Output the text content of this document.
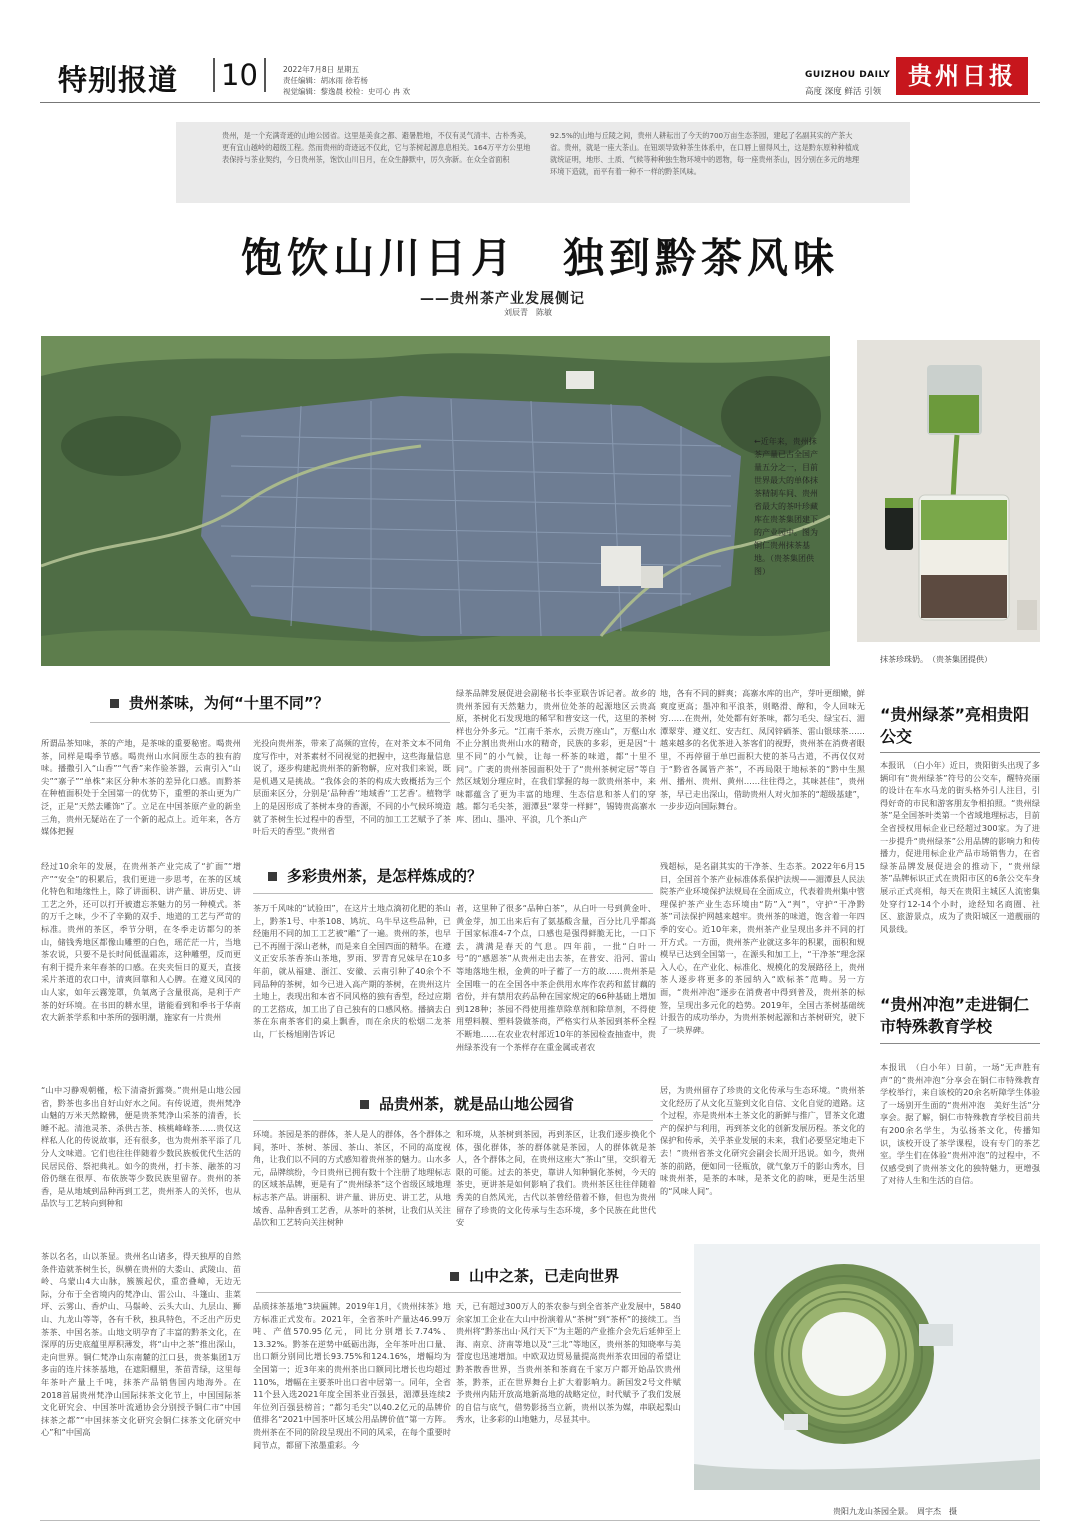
特别报道 10	2022年7月8日 星期五
责任编辑：胡冰雨 徐若杨
视觉编辑：黎逸晨 校检：史可心 冉 欢
GUIZHOU DAILY
高度 深度 鲜活 引领
贵州日报
贵州，是一个充满奇迹的山地公园省。这里是美食之都、避暑胜地，不仅有灵气清丰、古朴秀美，更有宜山越岭的超级工程。然而贵州的奇迹远不仅此，它与茶树起源息息相关。164万平方公里地表保持与茶业契约，今日贵州茶，饱饮山川日月，在众生静默中，厉久弥新。在众全省面积
92.5%的山地与丘陵之间，贵州人耕耘出了今天的700万亩生态茶园，建起了名副其实的产茶大省。贵州，就是一座大茶山。在钮颂导致种茶生体系中，在口唇上留得风土，这是黔东原种种植成就统证明，地形、土质、气候等种种独生物环境中的恩物，每一座贵州茶山，因分别在多元的地理环境下造就，而平有着一种不一样的黔茶风味。
饱饮山川日月　独到黔茶风味
——贵州茶产业发展侧记
刘辰青　陈敏
←近年来，贵州抹茶产量已占全国产量五分之一，目前世界最大的单体抹茶精制车间、贵州省最大的茶叶珍藏库在贵茶集团建下的产业园中。图为铜仁贵州抹茶基地。（贵茶集团供图）
抹茶珍珠奶。　（贵茶集团提供）
贵州茶味，为何“十里不同”？
所谓品茶知味，茶的产地，是茶味的重要秘密。喝贵州茶，同样是喝季节感。喝贵州山水间原生态的独有韵味。播撒引入“山香”“气香”来作验茶器，云南引入“山尖”“寨子”“单株”来区分种木茶的差异化口感。而黔茶在种植面积处于全国第一的优势下，重塑的茶山更为广泛，正是“天然去雕饰”了。立足在中国茶原产业的新坐三角，贵州无疑站在了一个新的起点上。近年来，各方媒体把握
光投向贵州茶，带来了高频的宣传，在对茶文本不同角度写作中，对茶素材不同视觉的把握中，这些海量信息说了，逐步构建起贵州茶的新物解，应对我们来说，既是机遇又是挑战。“我体会的茶的构成大致概括为三个层面来区分，分别是‘品种香’‘地域香’‘工艺香’。植物学上的是因形成了茶树本身的香源，不同的小气候环境造就了茶树生长过程中的香型，不同的加工工艺赋予了茶叶后天的香型。”贵州省
绿茶品牌发展促进会副秘书长李亚联告诉记者。故乡的贵州茶园有天然魅力，贵州位处茶的起源地区云贵高原，茶树化石发现地的稀罕和普安这一代，这里的茶树样也分外多元。“江南千茶水，云贵万座山”，万壑山水不止分割出贵州山水的精奇，民族的多彩，更是因“十里不同”的小气候，让每一杯茶的味道，都“十里不同”。广袤的贵州茶园面积处于了“贵州茶树定居”等自然区域划分理应时，在我们掌握的每一款贵州茶中，来味都蕴含了更为丰富的地理、生态信息和茶人们的穿越。都匀毛尖茶，湄潭县“翠芽一样鲜”，锡铸贵高寨水库、团山、墨冲、平浪，几个茶山产
地，各有不同的鲜爽；高寨水库的出产，芽叶更细嫩，鲜爽度更高；墨冲和平浪茶，则略滑、醇和，令人回味无穷……在贵州，处处都有好茶味，都匀毛尖、绿宝石、湄潭翠芽、遵义红、安吉红、凤冈锌硒茶、雷山银球茶……越来越多的名优茶进入茶客们的视野，贵州茶在消费者眼里，不再停留于单巴面积大使的茶马古道，不再仅仅对于“黔省各属皆产茶”，不再局限于地标茶的“黔中生黑州、播州、贵州、黄州……往往得之，其味甚佳”，贵州茶，早已走出深山，借助贵州人对火加茶的“超级基建”，一步步迈向国际舞台。
多彩贵州茶，是怎样炼成的？
经过10余年的发展，在贵州茶产业完成了“扩面”“增产”“安全”的积累后，我们更进一步思考，在茶的区域化特色和地缘性上，除了讲面积、讲产量、讲历史、讲工艺之外，还可以打开被遗忘茶魅力的另一种模式。茶的万千之味，少不了辛勤的双手、地道的工艺与严苛的标准。贵州的茶区，季节分明，在冬季走访都匀的茶山，储钱秀地区都像山雕塑的白色，瑶茫茫一片，当地茶农说，只要不是长时间低温霜冻，这种雕塑，反而更有利于提升来年春茶的口感。在夹夹恒日的夏天，直接采片茶道的农口中，清爽回靠和人心脾。在遵义凤冈的山人家，如年云霧笼罩，负氧离子含量很高，是利于产茶的好环境。在书田的耕水里，谐能看到和季书于华南农大新茶学系和中茶所的强明潮，施家有一片贵州
茶万千风味的“试验田”，在这片土地点滴初化肥的茶山上，黔茶1号、中茶108、鸠坑、乌牛早这些品种，已经施用不同的加工工艺被“雕”了一遍。贵州的茶，也早已不再囿于深山老林，而是来自全国四面的精华。在遵义正安乐茶香茶山茶地，罗雨、罗青育兄妹早在10多年前，就从福建、浙江、安徽、云南引种了40余个不同品种的茶树，如今已进入高产期的茶树，在贵州这片土地上，表现出和本省不同风格的独有香型，经过应期的工艺搭成，加工出了自己独有的口感风格。播摘去白茶在东南茶客们的桌上飘香，而在余庆的松烟二龙茶山，厂长杨旭刚告诉记
者，这里种了很多“品种白茶”，从白叶一号到黄金叶、黄金芽，加工出来后有了氨基酸含量，百分比几乎都高于国家标准4-7个点，口感也是强得鲜脆无比，一口下去，满满是春天的气息。四年前，一批“白叶一号”的“感恩茶”从贵州走出去茶，在普安、沿河、雷山等地落地生根，金黄的叶子蓄了一方的故……贵州茶是全国唯一的在全国各中茶企供用水库作农药和蓝甘藕的省份，并有禁用农药品种在国家规定的66种基础上增加到128种；茶园不得使用推草除草剂和除草剂，不得使用塑料膜、塑料袋做茶商，严格实行从茶园到茶杯全程不断地……在农业农村部近10年的茶园检查抽查中，贵州绿茶没有一个茶样存在重金属或者农
残超标，是名副其实的干净茶、生态茶。2022年6月15日，全国首个茶产业标准体系保护法规——湄潭县人民法院茶产业环境保护法规局在全面成立，代表着贵州集中管理保护茶产业生态环境由“防”入“判”，守护“干净黔茶”司法保护网越来越牢。贵州茶的味道，饱含着一年四季的安心。近10年来，贵州茶产业呈现出多并不同的打开方式。一方面，贵州茶产业就这多年的积累，面积和规模早已达到全国第一，在源头和加工上，“干净茶”理念深入人心，在产业化、标准化、规模化的发展路径上，贵州茶人逐步将更多的茶园纳入“欧标茶”范畴。另一方面，“贵州冲泡”逐步在消费者中得到普及，贵州茶的标签，呈现出多元化的趋势。2019年，全国古茶树基础统计报告的成功举办，为贵州茶树起源和古茶树研究，驶下了一块界碑。
品贵州茶，就是品山地公园省
“山中习静观朝槿，松下清斋折露葵。”贵州是山地公园省，黔茶也多出自好山好水之间。有传说道，贵州梵净山魅的万米天然瞭佛，便是贵茶梵净山采茶的清香，长睡不起。清池灵茶、杀供古茶、核桃峰峰茶……贵仅这样私人化的传说故事，还有很多，也为贵州茶平添了几分人文味道。它们也往往伴随着少数民族板优代生活的民居民俗、祭祀典礼。如今的贵州，打卡茶、融茶的习俗仍继在很厚、布依族等少数民族里留存。贵州的茶香，是从地域到品种再到工艺，贵州茶人的关怀，也从品饮与工艺转向到种和
环境。茶园是茶的群体，茶人是人的群体，各个群体之间，茶叶、茶树、茶园、茶山、茶区，不同的高度视角，让我们以不同的方式感知着贵州茶的魅力。山水多元，品牌缤纷，今日贵州已拥有数十个注册了地理标志的区域茶品牌，更是有了“贵州绿茶”这个省级区域地理标志茶产品。讲丽积、讲产量、讲历史、讲工艺，从地域香、品种香到工艺香，从茶叶的茶树，让我们从关注品饮和工艺转向关注树种
和环境，从茶树到茶园，再到茶区，让我们逐步换化个体，强化群体，茶的群体就是茶园，人的群体就是茶人，各个群体之间，在贵州这座大“茶山”里，交织着无限的可能。过去的茶史，靠讲人知种铜化茶树，今天的茶史，更讲茶是如何影响了我们。贵州茶区往往伴随着秀美的自然风光，古代以茶曾经借着不修，但也为贵州留存了珍贵的文化传承与生态环境，多个民族在此世代安
居，为贵州留存了珍贵的文化传承与生态环境。“贵州茶文化经历了从文化互鉴到文化自信、文化自觉的道路。这个过程，亦是贵州本土茶文化的新鲜与推广，冒茶文化遗产的保护与利用，再到茶文化的创新发展历程。茶文化的保护和传承，关乎茶业发展的未来，我们必要坚定地走下去！”贵州省茶文化研究会副会长周开迅说。如今，贵州茶的前路，便如同一径瓶放，就气象万千的影山秀水，目味贵州茶，是茶的本味，是茶文化的韵味，更是生活里的“风味人间”。
山中之茶，已走向世界
茶以名名，山以茶显。贵州名山诸多，得天独厚的自然条件造就茶树生长，纵横在贵州的大娄山、武陵山、苗岭、乌蒙山4大山脉，簇簇起伏，重峦叠嶂，无边无际，分布于全省境内的梵净山、雷公山、斗篷山、韭菜坪、云雾山、香炉山、马鬃岭、云头大山、九层山、狮山、九龙山等等，各有千秋，独具特色，不乏出产历史茶茶、中国名茶。山地文明孕育了丰富的黔茶文化，在深厚的历史底蕴里厚积薄发，将“山中之茶”推出深山，走向世界。铜仁梵净山东南麓的江口县，贵茶集团1万多亩的连片抹茶基地，在遮阳棚里，茶苗青绿，这里每年茶叶产量上千吨，抹茶产品销售国内地海外。在2018首届贵州梵净山国际抹茶文化节上，中国国际茶文化研究会、中国茶叶流通协会分别授予铜仁市“中国抹茶之都”“中国抹茶文化研究会铜仁抹茶文化研究中心”和“中国高
品质抹茶基地”3块匾牌。2019年1月，《贵州抹茶》地方标准正式发布。2021年，全省茶叶产量达46.99万吨、产值570.95亿元，同比分别增长7.74%、13.32%。黔茶在逆势中砥砺出海，全年茶叶出口量、出口额分别同比增长93.75%和124.16%，增幅均为全国第一；近3年来的贵州茶出口额同比增长也均超过110%，增幅在主要茶叶出口省中居第一。同年，全省11个县入选2021年度全国茶业百强县，湄潭县连续2年位列百强县榜首；“都匀毛尖”以40.2亿元的品牌价值排名“2021中国茶叶区域公用品牌价值”第一方阵。贵州茶在不同的阶段呈现出不同的风采，在每个重要时间节点，都留下浓墨重彩。今
天，已有超过300万人的茶农参与到全省茶产业发展中，5840余家加工企业在大山中扮演着从“茶树”到“茶杯”的接续工。当贵州将“黔茶出山·风行天下”为主题的产业推介会先后延伸至上海、南京、济南等地以及“三北”等地区，贵州茶的知晓率与美誉度也迅速增加。中欧双边贸易量提高贵州茶农田园的希望让黔茶散香世界，当贵州茶和茶商在千家万户都开始品饮贵州茶，黔茶，正在世界舞台上扩大着影响力。新国发2号文件赋予贵州内陆开放高地新高地的战略定位，时代赋予了我们发展的自信与底气，借势影扬当立新，贵州以茶为媒，串联起梨山秀水，让多彩的山地魅力，尽显其中。
贵阳九龙山茶园全景。　周宇杰　摄
“贵州绿茶”亮相贵阳公交
本报讯　（白小年）近日，贵阳街头出现了多辆印有“贵州绿茶”符号的公交车，醒特亮丽的设计在车水马龙的街头格外引人注目，引得好奇的市民和游客朋友争相拍照。“贵州绿茶”是全国茶叶类第一个省域地理标志，目前全省授权用标企业已经超过300家。为了进一步提升“贵州绿茶”公用品牌的影响力和传播力，促进用标企业产品市场销售力，在省绿茶品牌发展促进会的推动下，“贵州绿茶”品牌标识正式在贵阳市区的6条公交车身展示正式亮相，每天在贵阳主城区人流密集处穿行12-14个小时，途经知名商圈、社区、旅游景点，成为了贵阳城区一道靓丽的风景线。
“贵州冲泡”走进铜仁市特殊教育学校
本报讯　（白小年）日前，一场“无声胜有声”的“贵州冲泡”分享会在铜仁市特殊教育学校举行，来自该校的20余名听障学生体验了一场别开生面的“贵州冲泡　美好生活”分享会。据了解，铜仁市特殊教育学校目前共有200余名学生，为弘扬茶文化，传播知识，该校开设了茶学课程，设有专门的茶艺室。学生们在体验“贵州冲泡”的过程中，不仅感受到了贵州茶文化的独特魅力，更增强了对待人生和生活的自信。
